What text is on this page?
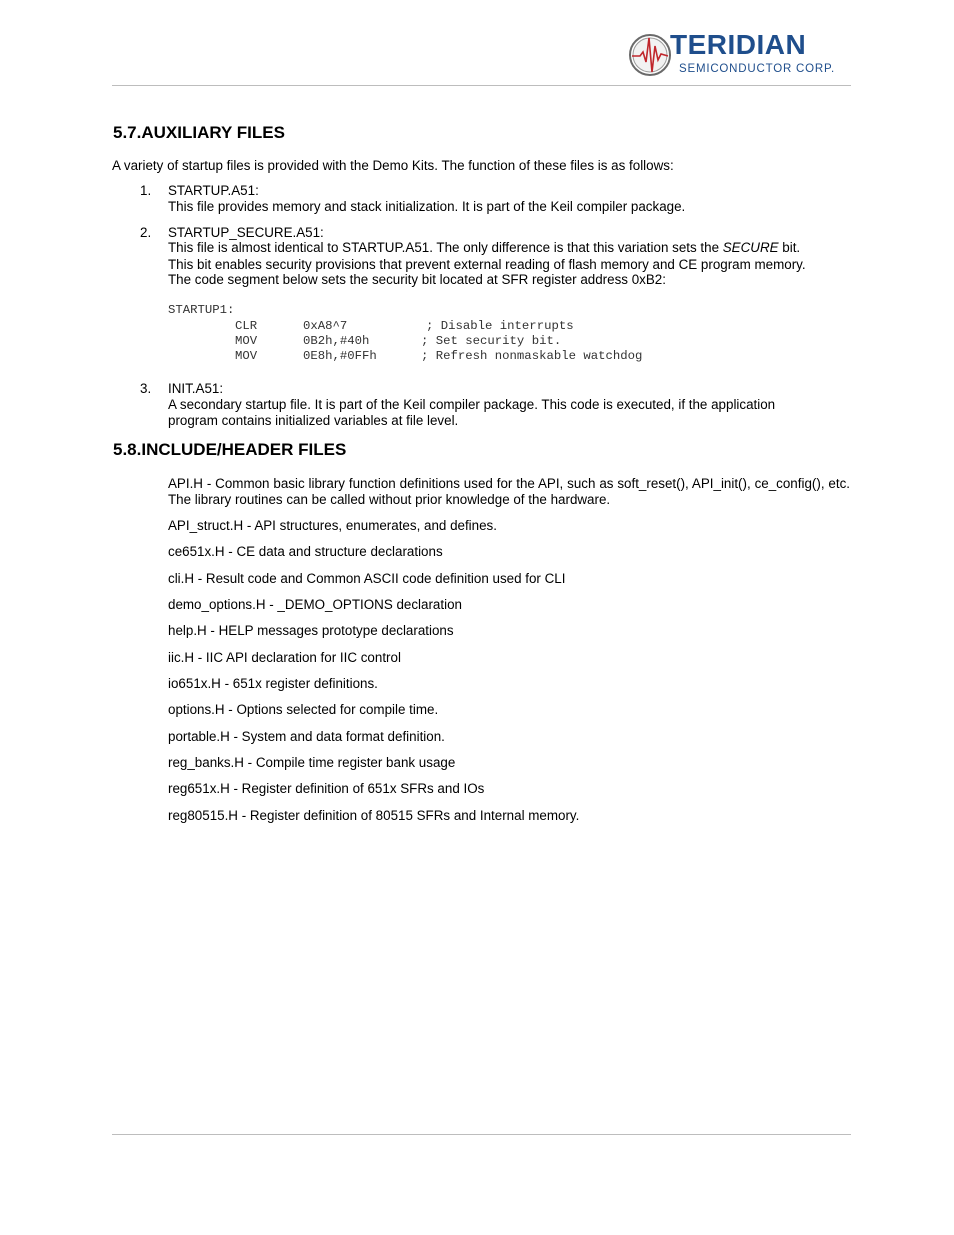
TERIDIAN
SEMICONDUCTOR CORP.
5.7.AUXILIARY FILES
A variety of startup files is provided with the Demo Kits. The function of these files is as follows:
1. STARTUP.A51:
This file provides memory and stack initialization. It is part of the Keil compiler package.
2. STARTUP_SECURE.A51:
This file is almost identical to STARTUP.A51. The only difference is that this variation sets the SECURE bit.
This bit enables security provisions that prevent external reading of flash memory and CE program memory.
The code segment below sets the security bit located at SFR register address 0xB2:
STARTUP1:
CLR	0xA8^7	; Disable interrupts
MOV	0B2h,#40h	; Set security bit.
MOV	0E8h,#0FFh	; Refresh nonmaskable watchdog
3. INIT.A51:
A secondary startup file. It is part of the Keil compiler package. This code is executed, if the application
program contains initialized variables at file level.
5.8.INCLUDE/HEADER FILES
API.H - Common basic library function definitions used for the API, such as soft_reset(), API_init(), ce_config(), etc. The library routines can be called without prior knowledge of the hardware.
API_struct.H - API structures, enumerates, and defines.
ce651x.H - CE data and structure declarations
cli.H - Result code and Common ASCII code definition used for CLI
demo_options.H - _DEMO_OPTIONS declaration
help.H - HELP messages prototype declarations
iic.H - IIC API declaration for IIC control
io651x.H - 651x register definitions.
options.H - Options selected for compile time.
portable.H - System and data format definition.
reg_banks.H - Compile time register bank usage
reg651x.H - Register definition of 651x SFRs and IOs
reg80515.H - Register definition of 80515 SFRs and Internal memory.
